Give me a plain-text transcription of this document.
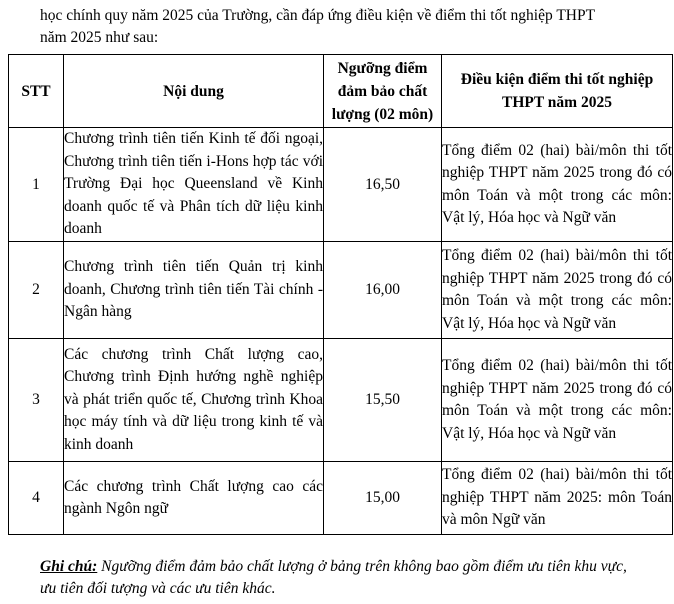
học chính quy năm 2025 của Trường, cần đáp ứng điều kiện về điểm thi tốt nghiệp THPT

năm 2025 như sau:

STT	Nội dung	Ngưỡng điểm đảm bảo chất lượng (02 môn)	Điều kiện điểm thi tốt nghiệp THPT năm 2025
1	Chương trình tiên tiến Kinh tế đối ngoại, Chương trình tiên tiến i-Hons hợp tác với Trường Đại học Queensland về Kinh doanh quốc tế và Phân tích dữ liệu kinh doanh	16,50	Tổng điểm 02 (hai) bài/môn thi tốt nghiệp THPT năm 2025 trong đó có môn Toán và một trong các môn: Vật lý, Hóa học và Ngữ văn
2	Chương trình tiên tiến Quản trị kinh doanh, Chương trình tiên tiến Tài chính - Ngân hàng	16,00	Tổng điểm 02 (hai) bài/môn thi tốt nghiệp THPT năm 2025 trong đó có môn Toán và một trong các môn: Vật lý, Hóa học và Ngữ văn
3	Các chương trình Chất lượng cao, Chương trình Định hướng nghề nghiệp và phát triển quốc tế, Chương trình Khoa học máy tính và dữ liệu trong kinh tế và kinh doanh	15,50	Tổng điểm 02 (hai) bài/môn thi tốt nghiệp THPT năm 2025 trong đó có môn Toán và một trong các môn: Vật lý, Hóa học và Ngữ văn
4	Các chương trình Chất lượng cao các ngành Ngôn ngữ	15,00	Tổng điểm 02 (hai) bài/môn thi tốt nghiệp THPT năm 2025: môn Toán và môn Ngữ văn
Ghi chú: Ngưỡng điểm đảm bảo chất lượng ở bảng trên không bao gồm điểm ưu tiên khu vực, ưu tiên đối tượng và các ưu tiên khác.
